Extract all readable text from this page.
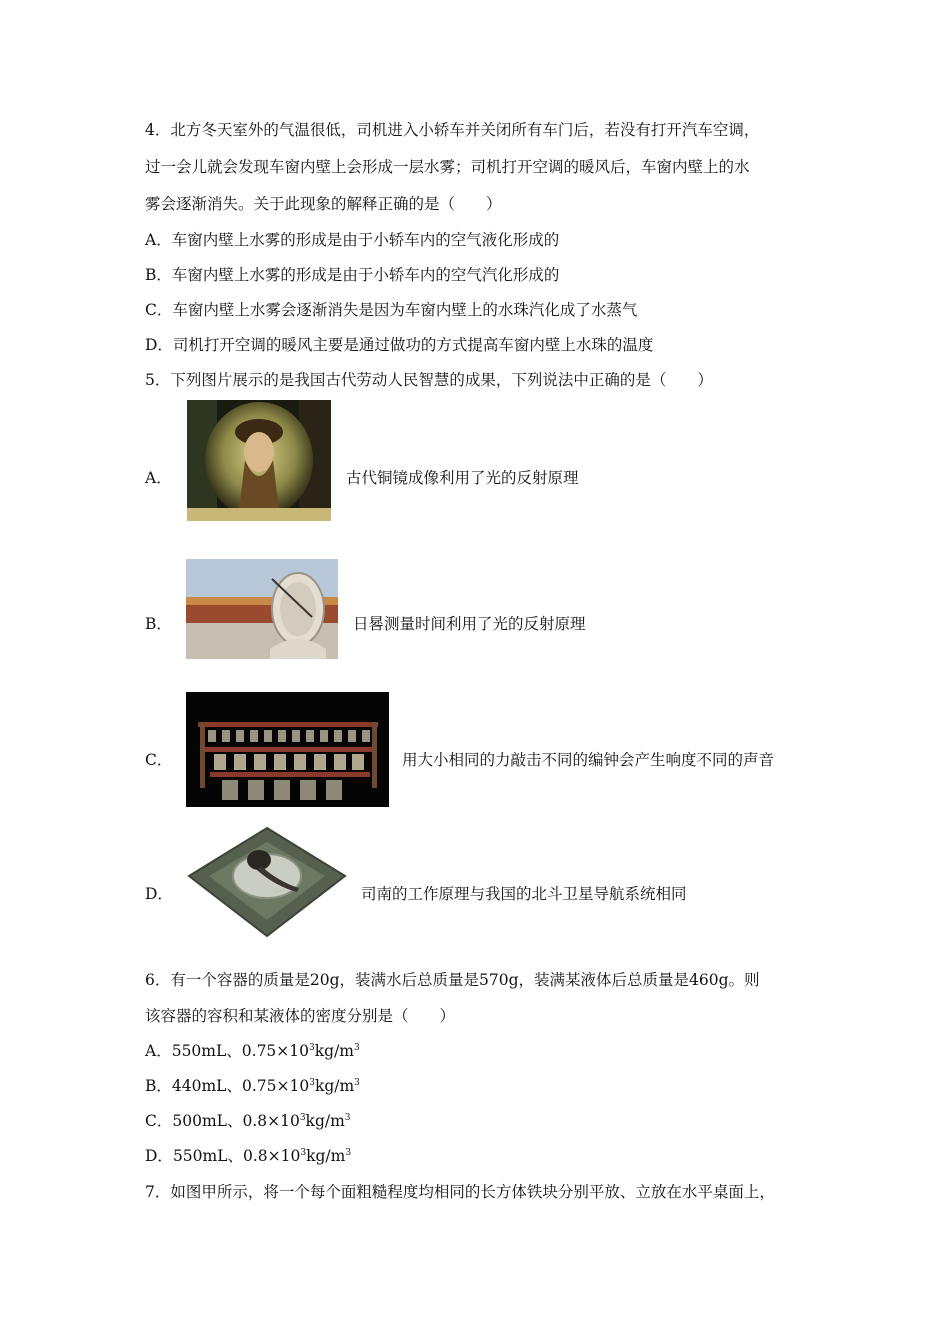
4．北方冬天室外的气温很低，司机进入小轿车并关闭所有车门后，若没有打开汽车空调，
过一会儿就会发现车窗内壁上会形成一层水雾；司机打开空调的暖风后，车窗内壁上的水
雾会逐渐消失。关于此现象的解释正确的是（　　）
A．车窗内壁上水雾的形成是由于小轿车内的空气液化形成的
B．车窗内壁上水雾的形成是由于小轿车内的空气汽化形成的
C．车窗内壁上水雾会逐渐消失是因为车窗内壁上的水珠汽化成了水蒸气
D．司机打开空调的暖风主要是通过做功的方式提高车窗内壁上水珠的温度
5．下列图片展示的是我国古代劳动人民智慧的成果，下列说法中正确的是（　　）
A．	古代铜镜成像利用了光的反射原理
B．	日晷测量时间利用了光的反射原理
C．	用大小相同的力敲击不同的编钟会产生响度不同的声音
D．	司南的工作原理与我国的北斗卫星导航系统相同
6．有一个容器的质量是20g，装满水后总质量是570g，装满某液体后总质量是460g。则
该容器的容积和某液体的密度分别是（　　）
A．550mL、$0.75\times 10^3kg/m^3$
B．440mL、$0.75\times 10^3kg/m^3$
C．500mL、$0.8\times 10^3kg/m^3$
D．550mL、$0.8\times 10^3kg/m^3$
7．如图甲所示，将一个每个面粗糙程度均相同的长方体铁块分别平放、立放在水平桌面上，
